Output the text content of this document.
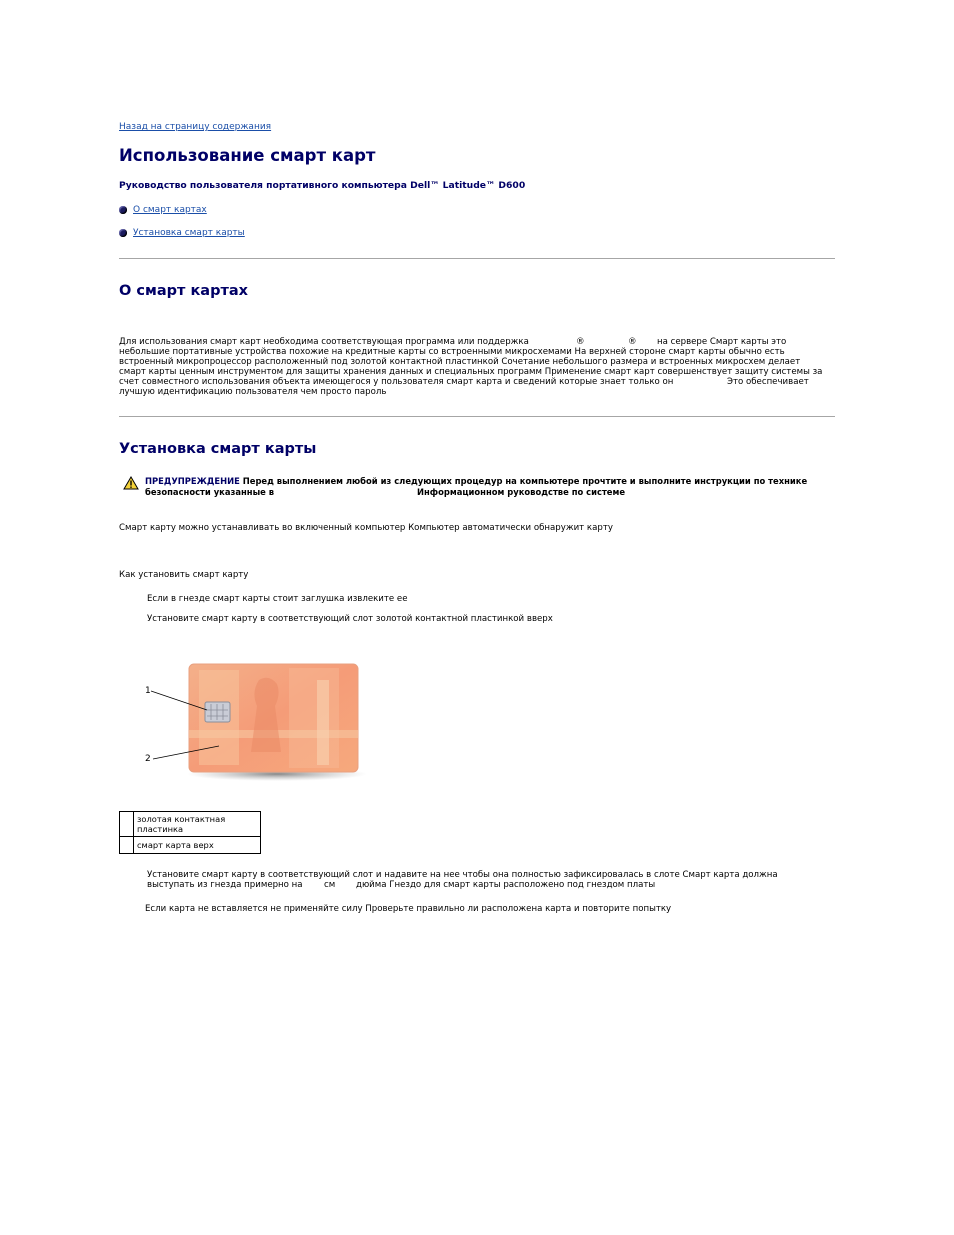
Назад на страницу содержания
Использование смарт карт
Руководство пользователя портативного компьютера Dell™ Latitude™ D600
О смарт картах
Установка смарт карты
О смарт картах
Для использования смарт карт необходима соответствующая программа или поддержка	®	® на сервере Смарт карты это
небольшие портативные устройства похожие на кредитные карты со встроенными микросхемами На верхней стороне смарт карты обычно есть
встроенный микропроцессор расположенный под золотой контактной пластинкой Сочетание небольшого размера и встроенных микросхем делает
смарт карты ценным инструментом для защиты хранения данных и специальных программ Применение смарт карт совершенствует защиту системы за
счет совместного использования объекта имеющегося у пользователя смарт карта и сведений которые знает только он	Это обеспечивает
лучшую идентификацию пользователя чем просто пароль
Установка смарт карты
ПРЕДУПРЕЖДЕНИЕ Перед выполнением любой из следующих процедур на компьютере прочтите и выполните инструкции по технике
безопасности указанные в	Информационном руководстве по системе
Смарт карту можно устанавливать во включенный компьютер Компьютер автоматически обнаружит карту
Как установить смарт карту
Если в гнезде смарт карты стоит заглушка извлеките ее
Установите смарт карту в соответствующий слот золотой контактной пластинкой вверх
1
2
	золотая контактная пластинка
	смарт карта верх
Установите смарт карту в соответствующий слот и надавите на нее чтобы она полностью зафиксировалась в слоте Смарт карта должна
выступать из гнезда примерно на см дюйма Гнездо для смарт карты расположено под гнездом платы
Если карта не вставляется не применяйте силу Проверьте правильно ли расположена карта и повторите попытку
